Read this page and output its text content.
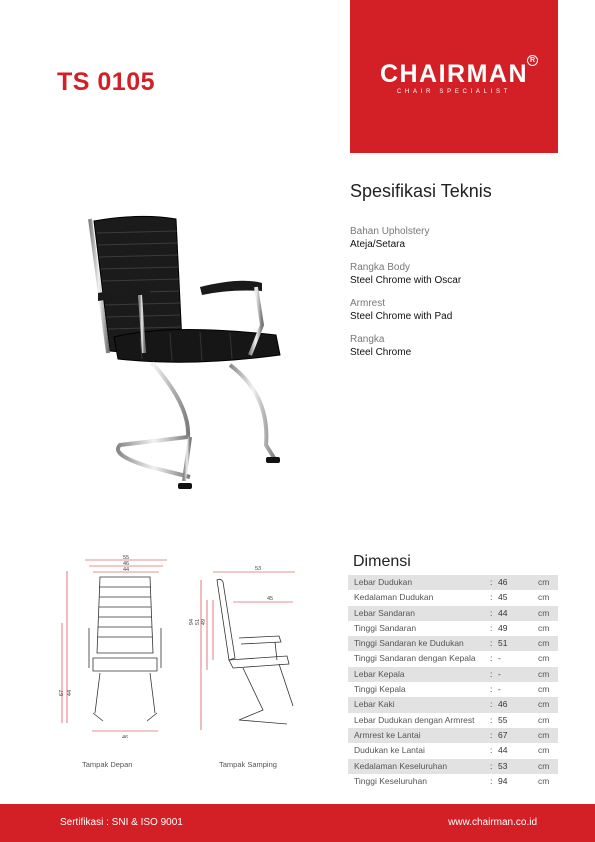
CHAIRMAN R
CHAIR SPECIALIST
TS 0105
Spesifikasi Teknis
Bahan Upholstery
Ateja/Setara
Rangka Body
Steel Chrome with Oscar
Armrest
Steel Chrome with Pad
Rangka
Steel Chrome
55
46
44
67 44
46
Tampak Depan
53
45
94 51 49
Tampak Samping
Dimensi
Lebar Dudukan	: 46	cm
Kedalaman Dudukan	: 45	cm
Lebar Sandaran	: 44	cm
Tinggi Sandaran	: 49	cm
Tinggi Sandaran ke Dudukan	: 51	cm
Tinggi Sandaran dengan Kepala : -	cm
Lebar Kepala	: -	cm
Tinggi Kepala	: -	cm
Lebar Kaki	: 46	cm
Lebar Dudukan dengan Armrest : 55	cm
Armrest ke Lantai	: 67	cm
Dudukan ke Lantai	: 44	cm
Kedalaman Keseluruhan	: 53	cm
Tinggi Keseluruhan	: 94	cm
Sertifikasi : SNI & ISO 9001	www.chairman.co.id
